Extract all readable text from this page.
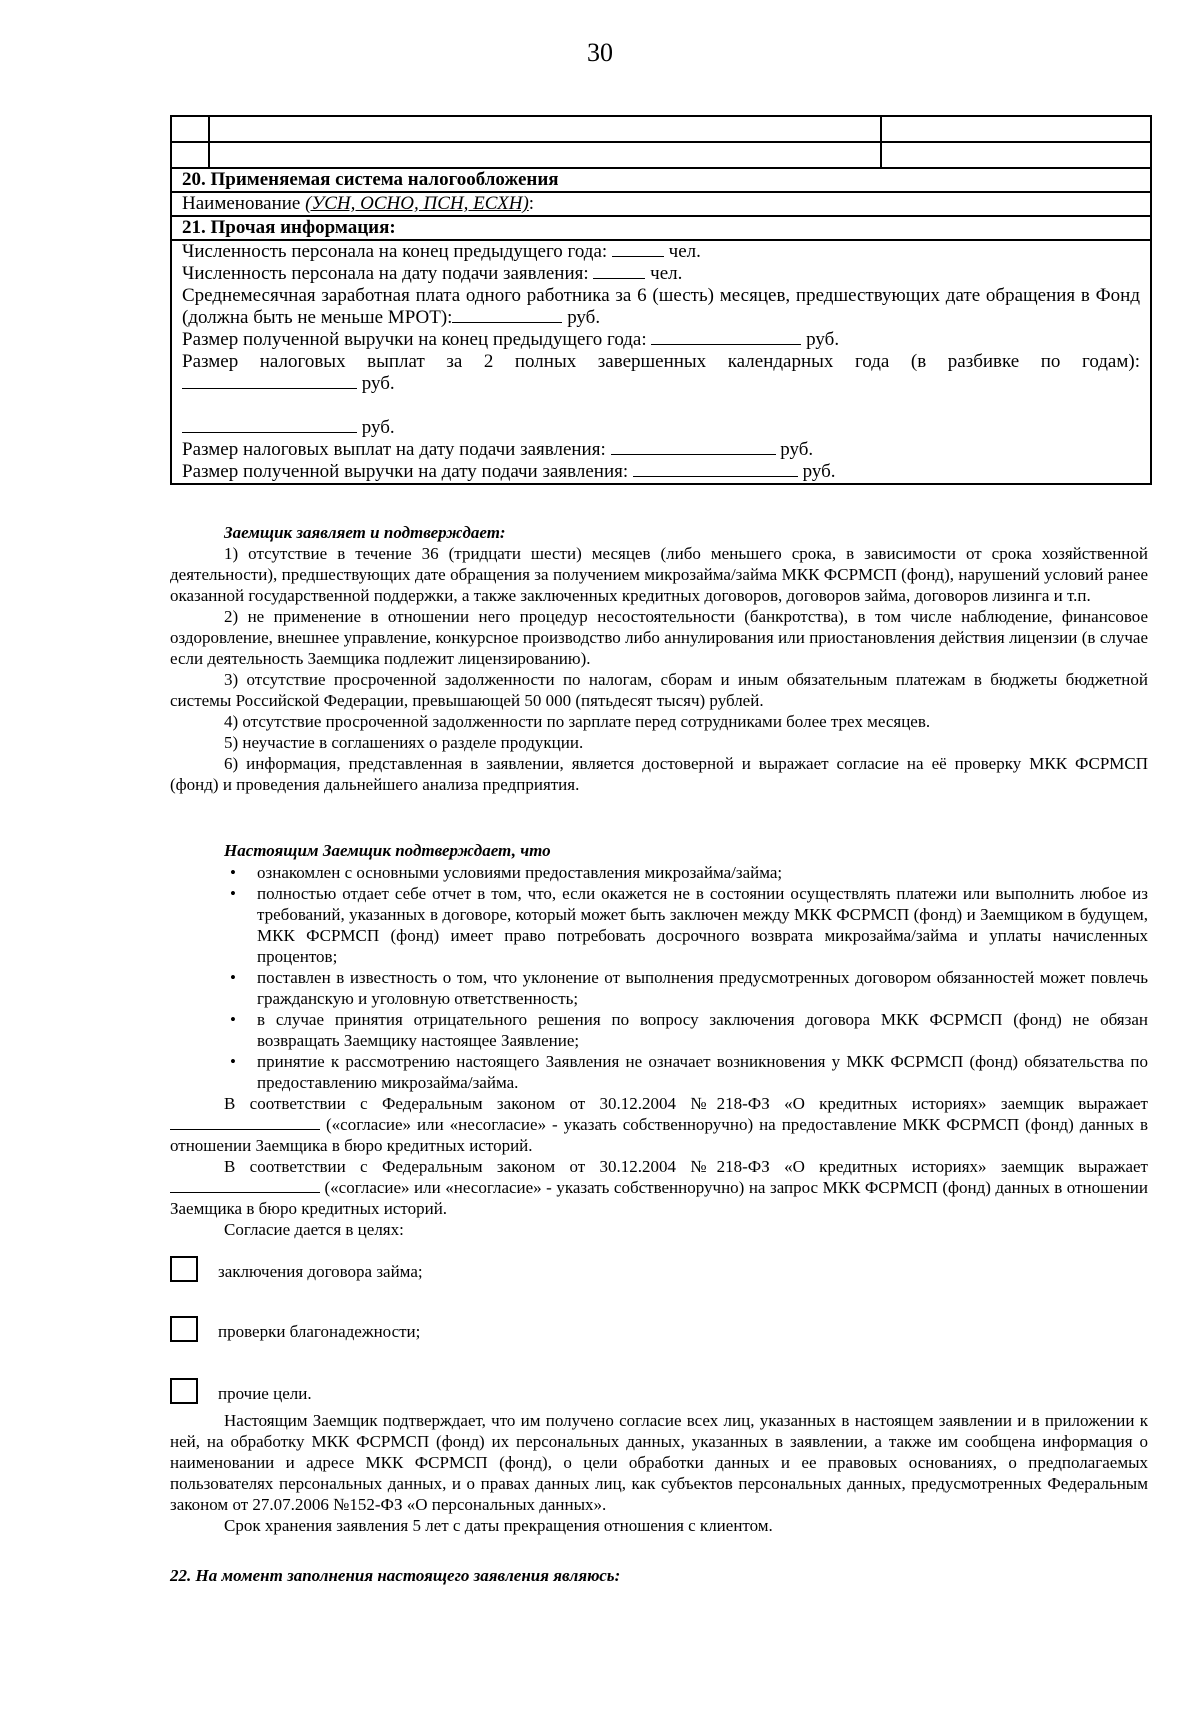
30
20. Применяемая система налогообложения
Наименование (УСН, ОСНО, ПСН, ЕСХН):
21. Прочая информация:
Численность персонала на конец предыдущего года:	чел.
Численность персонала на дату подачи заявления:	чел.
Среднемесячная заработная плата одного работника за 6 (шесть) месяцев, предшествующих дате обращения в Фонд (должна быть не меньше МРОТ):	руб.
Размер полученной выручки на конец предыдущего года:	руб.
Размер налоговых выплат за 2 полных завершенных календарных года (в разбивке по годам):
руб.
руб.
Размер налоговых выплат на дату подачи заявления:	руб.
Размер полученной выручки на дату подачи заявления:	руб.
Заемщик заявляет и подтверждает:
1) отсутствие в течение 36 (тридцати шести) месяцев (либо меньшего срока, в зависимости от срока хозяйственной деятельности), предшествующих дате обращения за получением микрозайма/займа МКК ФСРМСП (фонд), нарушений условий ранее оказанной государственной поддержки, а также заключенных кредитных договоров, договоров займа, договоров лизинга и т.п.
2) не применение в отношении него процедур несостоятельности (банкротства), в том числе наблюдение, финансовое оздоровление, внешнее управление, конкурсное производство либо аннулирования или приостановления действия лицензии (в случае если деятельность Заемщика подлежит лицензированию).
3) отсутствие просроченной задолженности по налогам, сборам и иным обязательным платежам в бюджеты бюджетной системы Российской Федерации, превышающей 50 000 (пятьдесят тысяч) рублей.
4) отсутствие просроченной задолженности по зарплате перед сотрудниками более трех месяцев.
5) неучастие в соглашениях о разделе продукции.
6) информация, представленная в заявлении, является достоверной и выражает согласие на её проверку МКК ФСРМСП (фонд) и проведения дальнейшего анализа предприятия.
Настоящим Заемщик подтверждает, что
• ознакомлен с основными условиями предоставления микрозайма/займа;
• полностью отдает себе отчет в том, что, если окажется не в состоянии осуществлять платежи или выполнить любое из требований, указанных в договоре, который может быть заключен между МКК ФСРМСП (фонд) и Заемщиком в будущем, МКК ФСРМСП (фонд) имеет право потребовать досрочного возврата микрозайма/займа и уплаты начисленных процентов;
• поставлен в известность о том, что уклонение от выполнения предусмотренных договором обязанностей может повлечь гражданскую и уголовную ответственность;
• в случае принятия отрицательного решения по вопросу заключения договора МКК ФСРМСП (фонд) не обязан возвращать Заемщику настоящее Заявление;
• принятие к рассмотрению настоящего Заявления не означает возникновения у МКК ФСРМСП (фонд) обязательства по предоставлению микрозайма/займа.
В соответствии с Федеральным законом от 30.12.2004 №218-ФЗ «О кредитных историях» заемщик выражает  («согласие» или «несогласие» - указать собственноручно) на предоставление МКК ФСРМСП (фонд) данных в отношении Заемщика в бюро кредитных историй.
В соответствии с Федеральным законом от 30.12.2004 №218-ФЗ «О кредитных историях» заемщик выражает  («согласие» или «несогласие» - указать собственноручно) на запрос МКК ФСРМСП (фонд) данных в отношении Заемщика в бюро кредитных историй.
Согласие дается в целях:
заключения договора займа;
проверки благонадежности;
прочие цели.
Настоящим Заемщик подтверждает, что им получено согласие всех лиц, указанных в настоящем заявлении и в приложении к ней, на обработку МКК ФСРМСП (фонд) их персональных данных, указанных в заявлении, а также им сообщена информация о наименовании и адресе МКК ФСРМСП (фонд), о цели обработки данных и ее правовых основаниях, о предполагаемых пользователях персональных данных, и о правах данных лиц, как субъектов персональных данных, предусмотренных Федеральным законом от 27.07.2006 №152-ФЗ «О персональных данных».
Срок хранения заявления 5 лет с даты прекращения отношения с клиентом.
22. На момент заполнения настоящего заявления являюсь:
